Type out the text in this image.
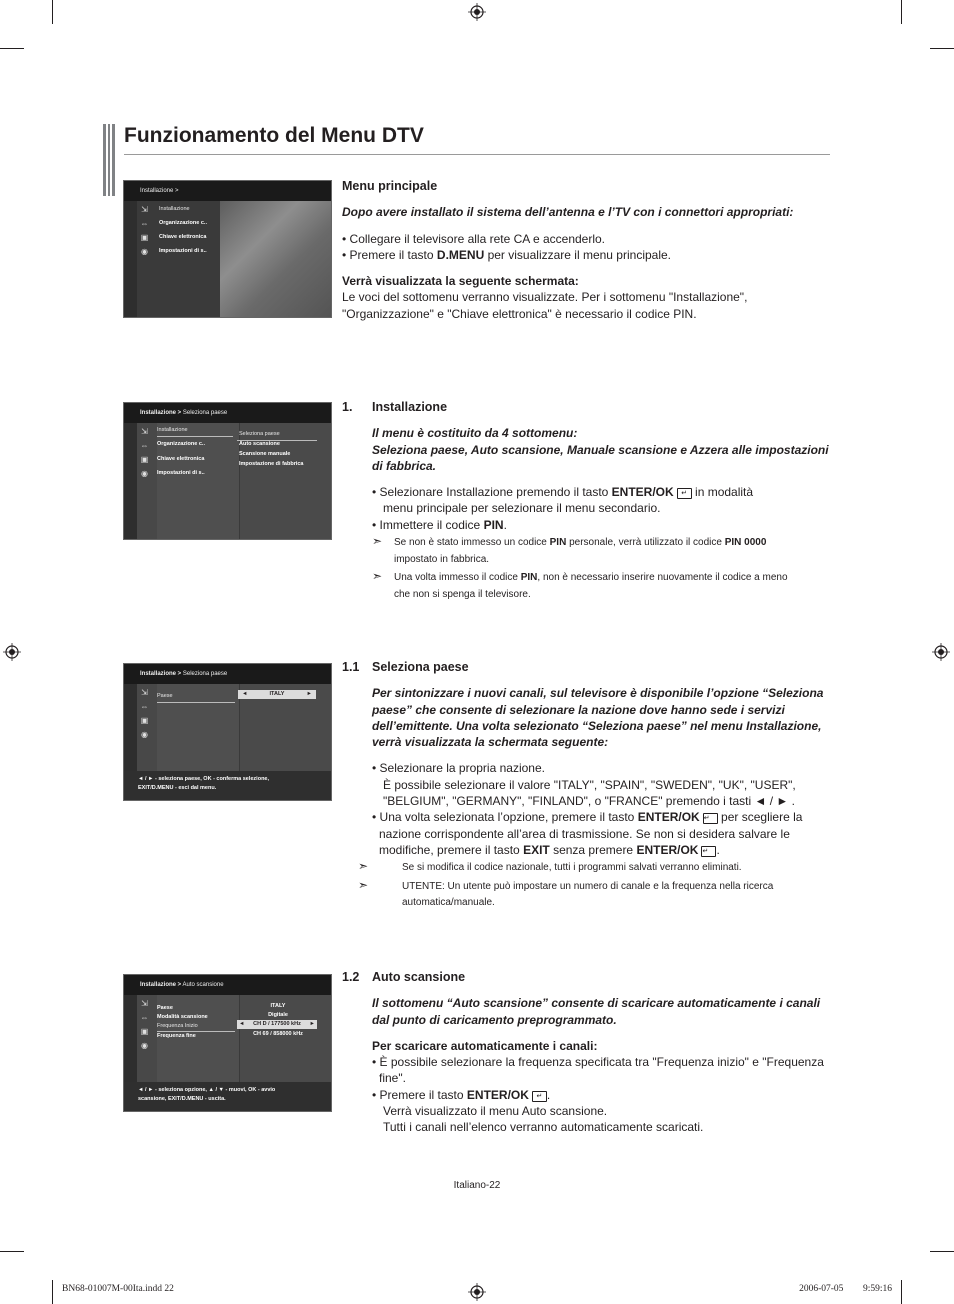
Funzionamento del Menu DTV
Installazione >
⇲
⇔
▣
◉
Installazione
Organizzazione c..
Chiave elettronica
Impostazioni di s..

Menu principale

Dopo avere installato il sistema dell’antenna e l’TV con i connettori appropriati:

• Collegare il televisore alla rete CA e accenderlo.

• Premere il tasto D.MENU per visualizzare il menu principale.

Verrà visualizzata la seguente schermata:

Le voci del sottomenu verranno visualizzate. Per i sottomenu "Installazione", "Organizzazione" e "Chiave elettronica" è necessario il codice PIN.

Installazione > Seleziona paese
⇲
⇔
▣
◉
Installazione
Organizzazione c..
Chiave elettronica
Impostazioni di s..
Seleziona paese
Auto scansione
Scansione manuale
Impostazione di fabbrica

1. Installazione

Il menu è costituito da 4 sottomenu:

Seleziona paese, Auto scansione, Manuale scansione e Azzera alle impostazioni di fabbrica.

• Selezionare Installazione premendo il tasto ENTER/OK ↵ in modalità

menu principale per selezionare il menu secondario.

• Immettere il codice PIN.

➣ Se non è stato immesso un codice PIN personale, verrà utilizzato il codice PIN 0000

impostato in fabbrica.

➣ Una volta immesso il codice PIN, non è necessario inserire nuovamente il codice a meno

che non si spenga il televisore.

Installazione > Seleziona paese
⇲
⇔
▣
◉
Paese	◄	ITALY	►
◄ / ► - seleziona paese, OK - conferma selezione,
EXIT/D.MENU - esci dal menu.

1.1 Seleziona paese

Per sintonizzare i nuovi canali, sul televisore è disponibile l’opzione “Seleziona paese” che consente di selezionare la nazione dove hanno sede i servizi dell’emittente. Una volta selezionato “Seleziona paese” nel menu Installazione, verrà visualizzata la schermata seguente:

• Selezionare la propria nazione.

È possibile selezionare il valore "ITALY", "SPAIN", "SWEDEN", "UK", "USER", "BELGIUM", "GERMANY", "FINLAND", o "FRANCE" premendo i tasti ◄ / ► .

• Una volta selezionata l’opzione, premere il tasto ENTER/OK ↵ per scegliere la nazione corrispondente all’area di trasmissione. Se non si desidera salvare le modifiche, premere il tasto EXIT senza premere ENTER/OK ↵ .

➣	Se si modifica il codice nazionale, tutti i programmi salvati verranno eliminati.

➣	UTENTE: Un utente può impostare un numero di canale e la frequenza nella ricerca automatica/manuale.

Installazione > Auto scansione
⇲
⇔
▣
◉
Paese
Modalità scansione
Frequenza Inizio
Frequenza fine
ITALY
Digitale
◄ CH D / 177500 kHz ►
CH 69 / 858000 kHz
◄ / ► - seleziona opzione, ▲ / ▼ - muovi, OK - avvio
scansione, EXIT/D.MENU - uscita.

1.2 Auto scansione

Il sottomenu “Auto scansione” consente di scaricare automaticamente i canali dal punto di caricamento preprogrammato.

Per scaricare automaticamente i canali:

• È possibile selezionare la frequenza specificata tra "Frequenza inizio" e "Frequenza fine".

• Premere il tasto ENTER/OK ↵ .

Verrà visualizzato il menu Auto scansione.

Tutti i canali nell’elenco verranno automaticamente scaricati.

Italiano-22
BN68-01007M-00Ita.indd 22	2006-07-05 ￿￿ 9:59:16
